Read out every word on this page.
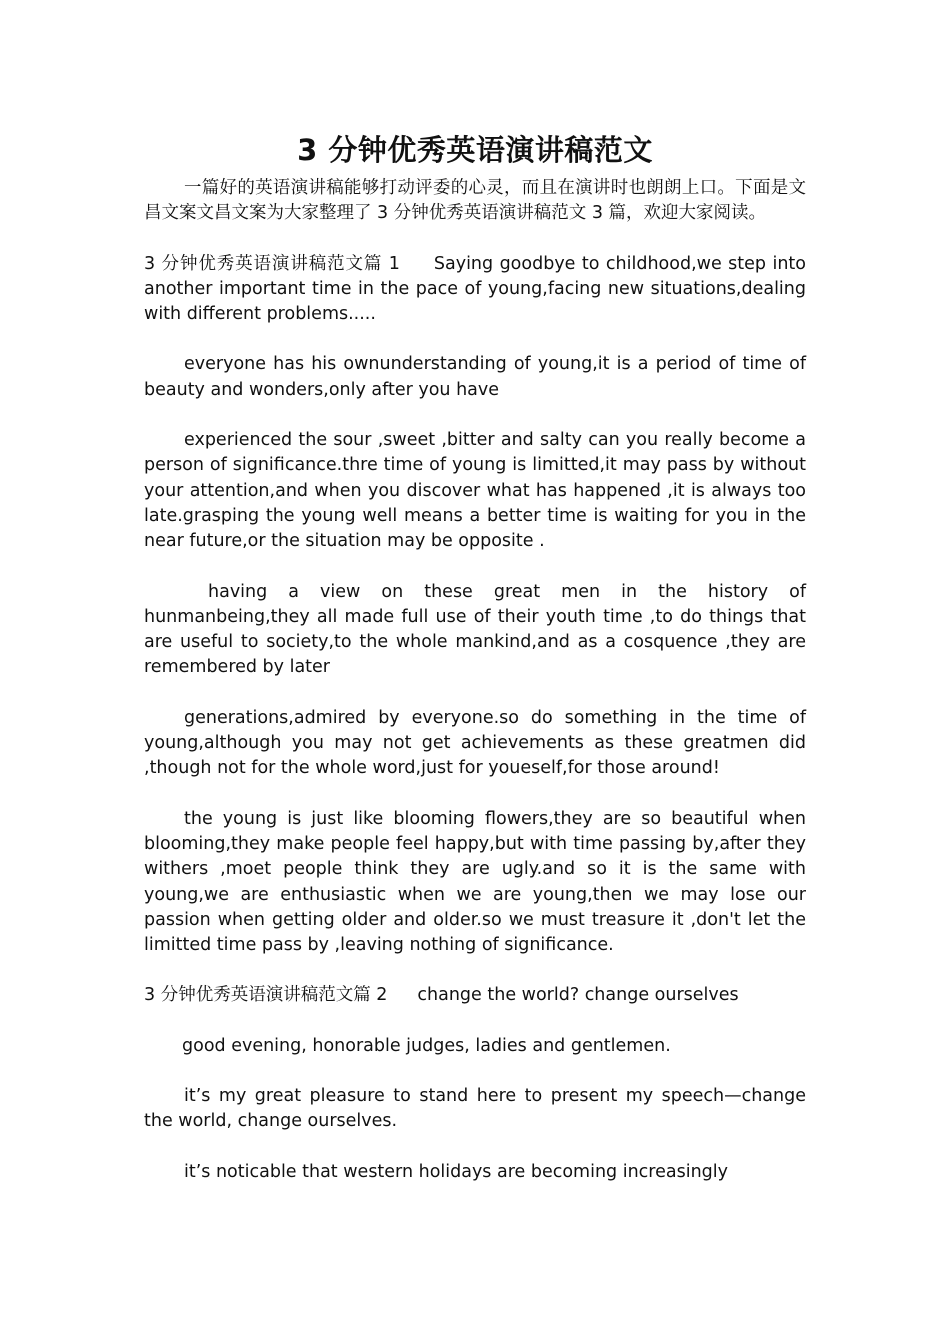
3 分钟优秀英语演讲稿范文

一篇好的英语演讲稿能够打动评委的心灵，而且在演讲时也朗朗上口。下面是文昌文案文昌文案为大家整理了 3 分钟优秀英语演讲稿范文 3 篇，欢迎大家阅读。

3 分钟优秀英语演讲稿范文篇 1 Saying goodbye to childhood,we step into another important time in the pace of young,facing new situations,dealing with different problems.....

everyone has his ownunderstanding of young,it is a period of time of beauty and wonders,only after you have

experienced the sour ,sweet ,bitter and salty can you really become a person of significance.thre time of young is limitted,it may pass by without your attention,and when you discover what has happened ,it is always too late.grasping the young well means a better time is waiting for you in the near future,or the situation may be opposite .

having a view on these great men in the history of hunmanbeing,they all made full use of their youth time ,to do things that are useful to society,to the whole mankind,and as a cosquence ,they are remembered by later

generations,admired by everyone.so do something in the time of young,although you may not get achievements as these greatmen did ,though not for the whole word,just for youeself,for those around!

the young is just like blooming flowers,they are so beautiful when blooming,they make people feel happy,but with time passing by,after they withers ,moet people think they are ugly.and so it is the same with young,we are enthusiastic when we are young,then we may lose our passion when getting older and older.so we must treasure it ,don't let the limitted time pass by ,leaving nothing of significance.

3 分钟优秀英语演讲稿范文篇 2 change the world? change ourselves

good evening, honorable judges, ladies and gentlemen.

it’s my great pleasure to stand here to present my speech—change the world, change ourselves.

it’s noticable that western holidays are becoming increasingly
